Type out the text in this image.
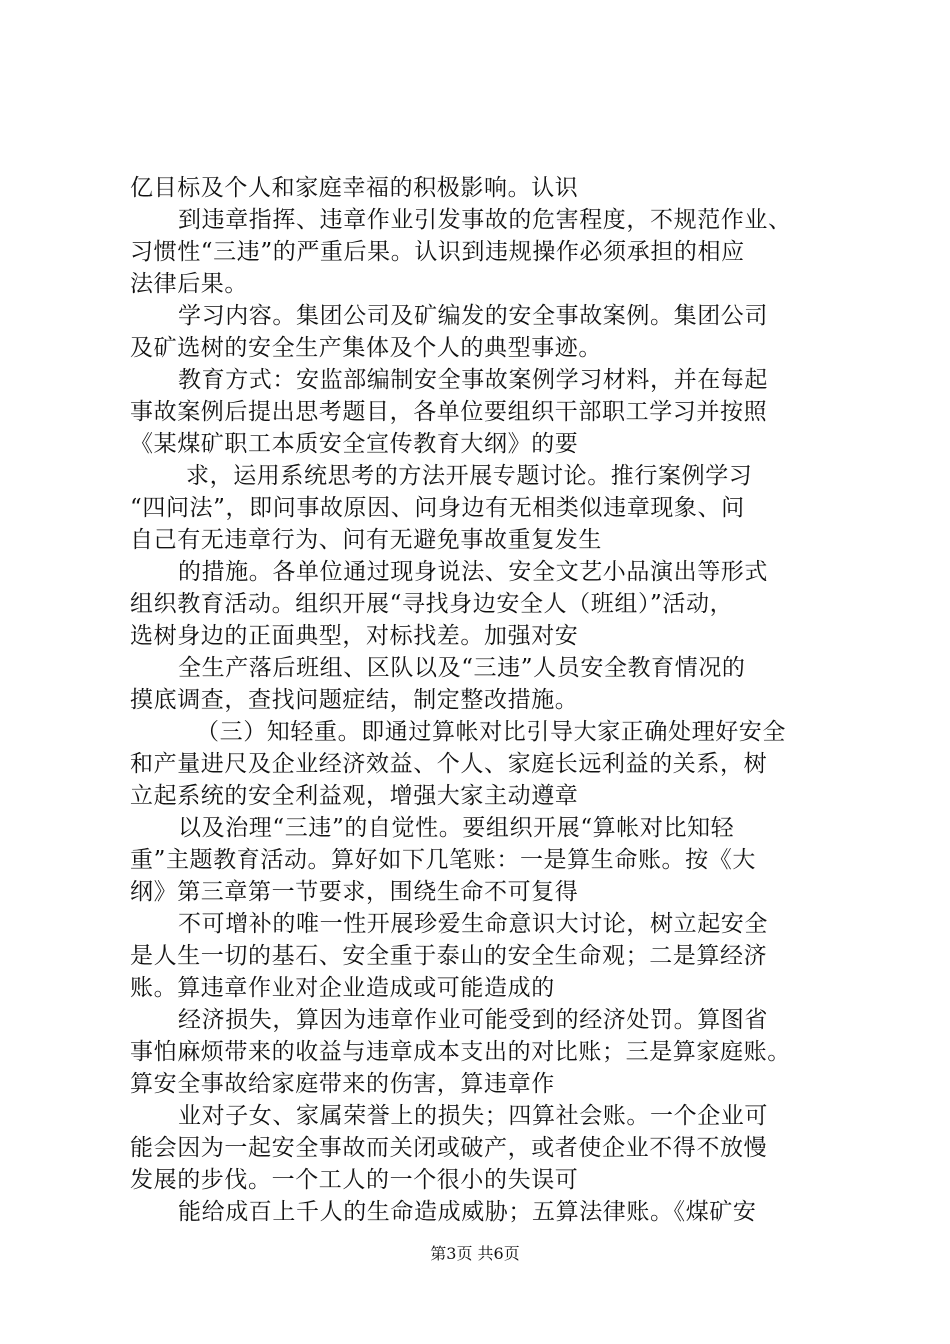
亿目标及个人和家庭幸福的积极影响。认识
到违章指挥、违章作业引发事故的危害程度，不规范作业、
习惯性“三违”的严重后果。认识到违规操作必须承担的相应
法律后果。
学习内容。集团公司及矿编发的安全事故案例。集团公司
及矿选树的安全生产集体及个人的典型事迹。
教育方式：安监部编制安全事故案例学习材料，并在每起
事故案例后提出思考题目，各单位要组织干部职工学习并按照
《某煤矿职工本质安全宣传教育大纲》的要
求，运用系统思考的方法开展专题讨论。推行案例学习
“四问法”，即问事故原因、问身边有无相类似违章现象、问
自己有无违章行为、问有无避免事故重复发生
的措施。各单位通过现身说法、安全文艺小品演出等形式
组织教育活动。组织开展“寻找身边安全人（班组）”活动，
选树身边的正面典型，对标找差。加强对安
全生产落后班组、区队以及“三违”人员安全教育情况的
摸底调查，查找问题症结，制定整改措施。
（三）知轻重。即通过算帐对比引导大家正确处理好安全
和产量进尺及企业经济效益、个人、家庭长远利益的关系，树
立起系统的安全利益观，增强大家主动遵章
以及治理“三违”的自觉性。要组织开展“算帐对比知轻
重”主题教育活动。算好如下几笔账：一是算生命账。按《大
纲》第三章第一节要求，围绕生命不可复得
不可增补的唯一性开展珍爱生命意识大讨论，树立起安全
是人生一切的基石、安全重于泰山的安全生命观；二是算经济
账。算违章作业对企业造成或可能造成的
经济损失，算因为违章作业可能受到的经济处罚。算图省
事怕麻烦带来的收益与违章成本支出的对比账；三是算家庭账。
算安全事故给家庭带来的伤害，算违章作
业对子女、家属荣誉上的损失；四算社会账。一个企业可
能会因为一起安全事故而关闭或破产，或者使企业不得不放慢
发展的步伐。一个工人的一个很小的失误可
能给成百上千人的生命造成威胁；五算法律账。《煤矿安
第3页 共6页
